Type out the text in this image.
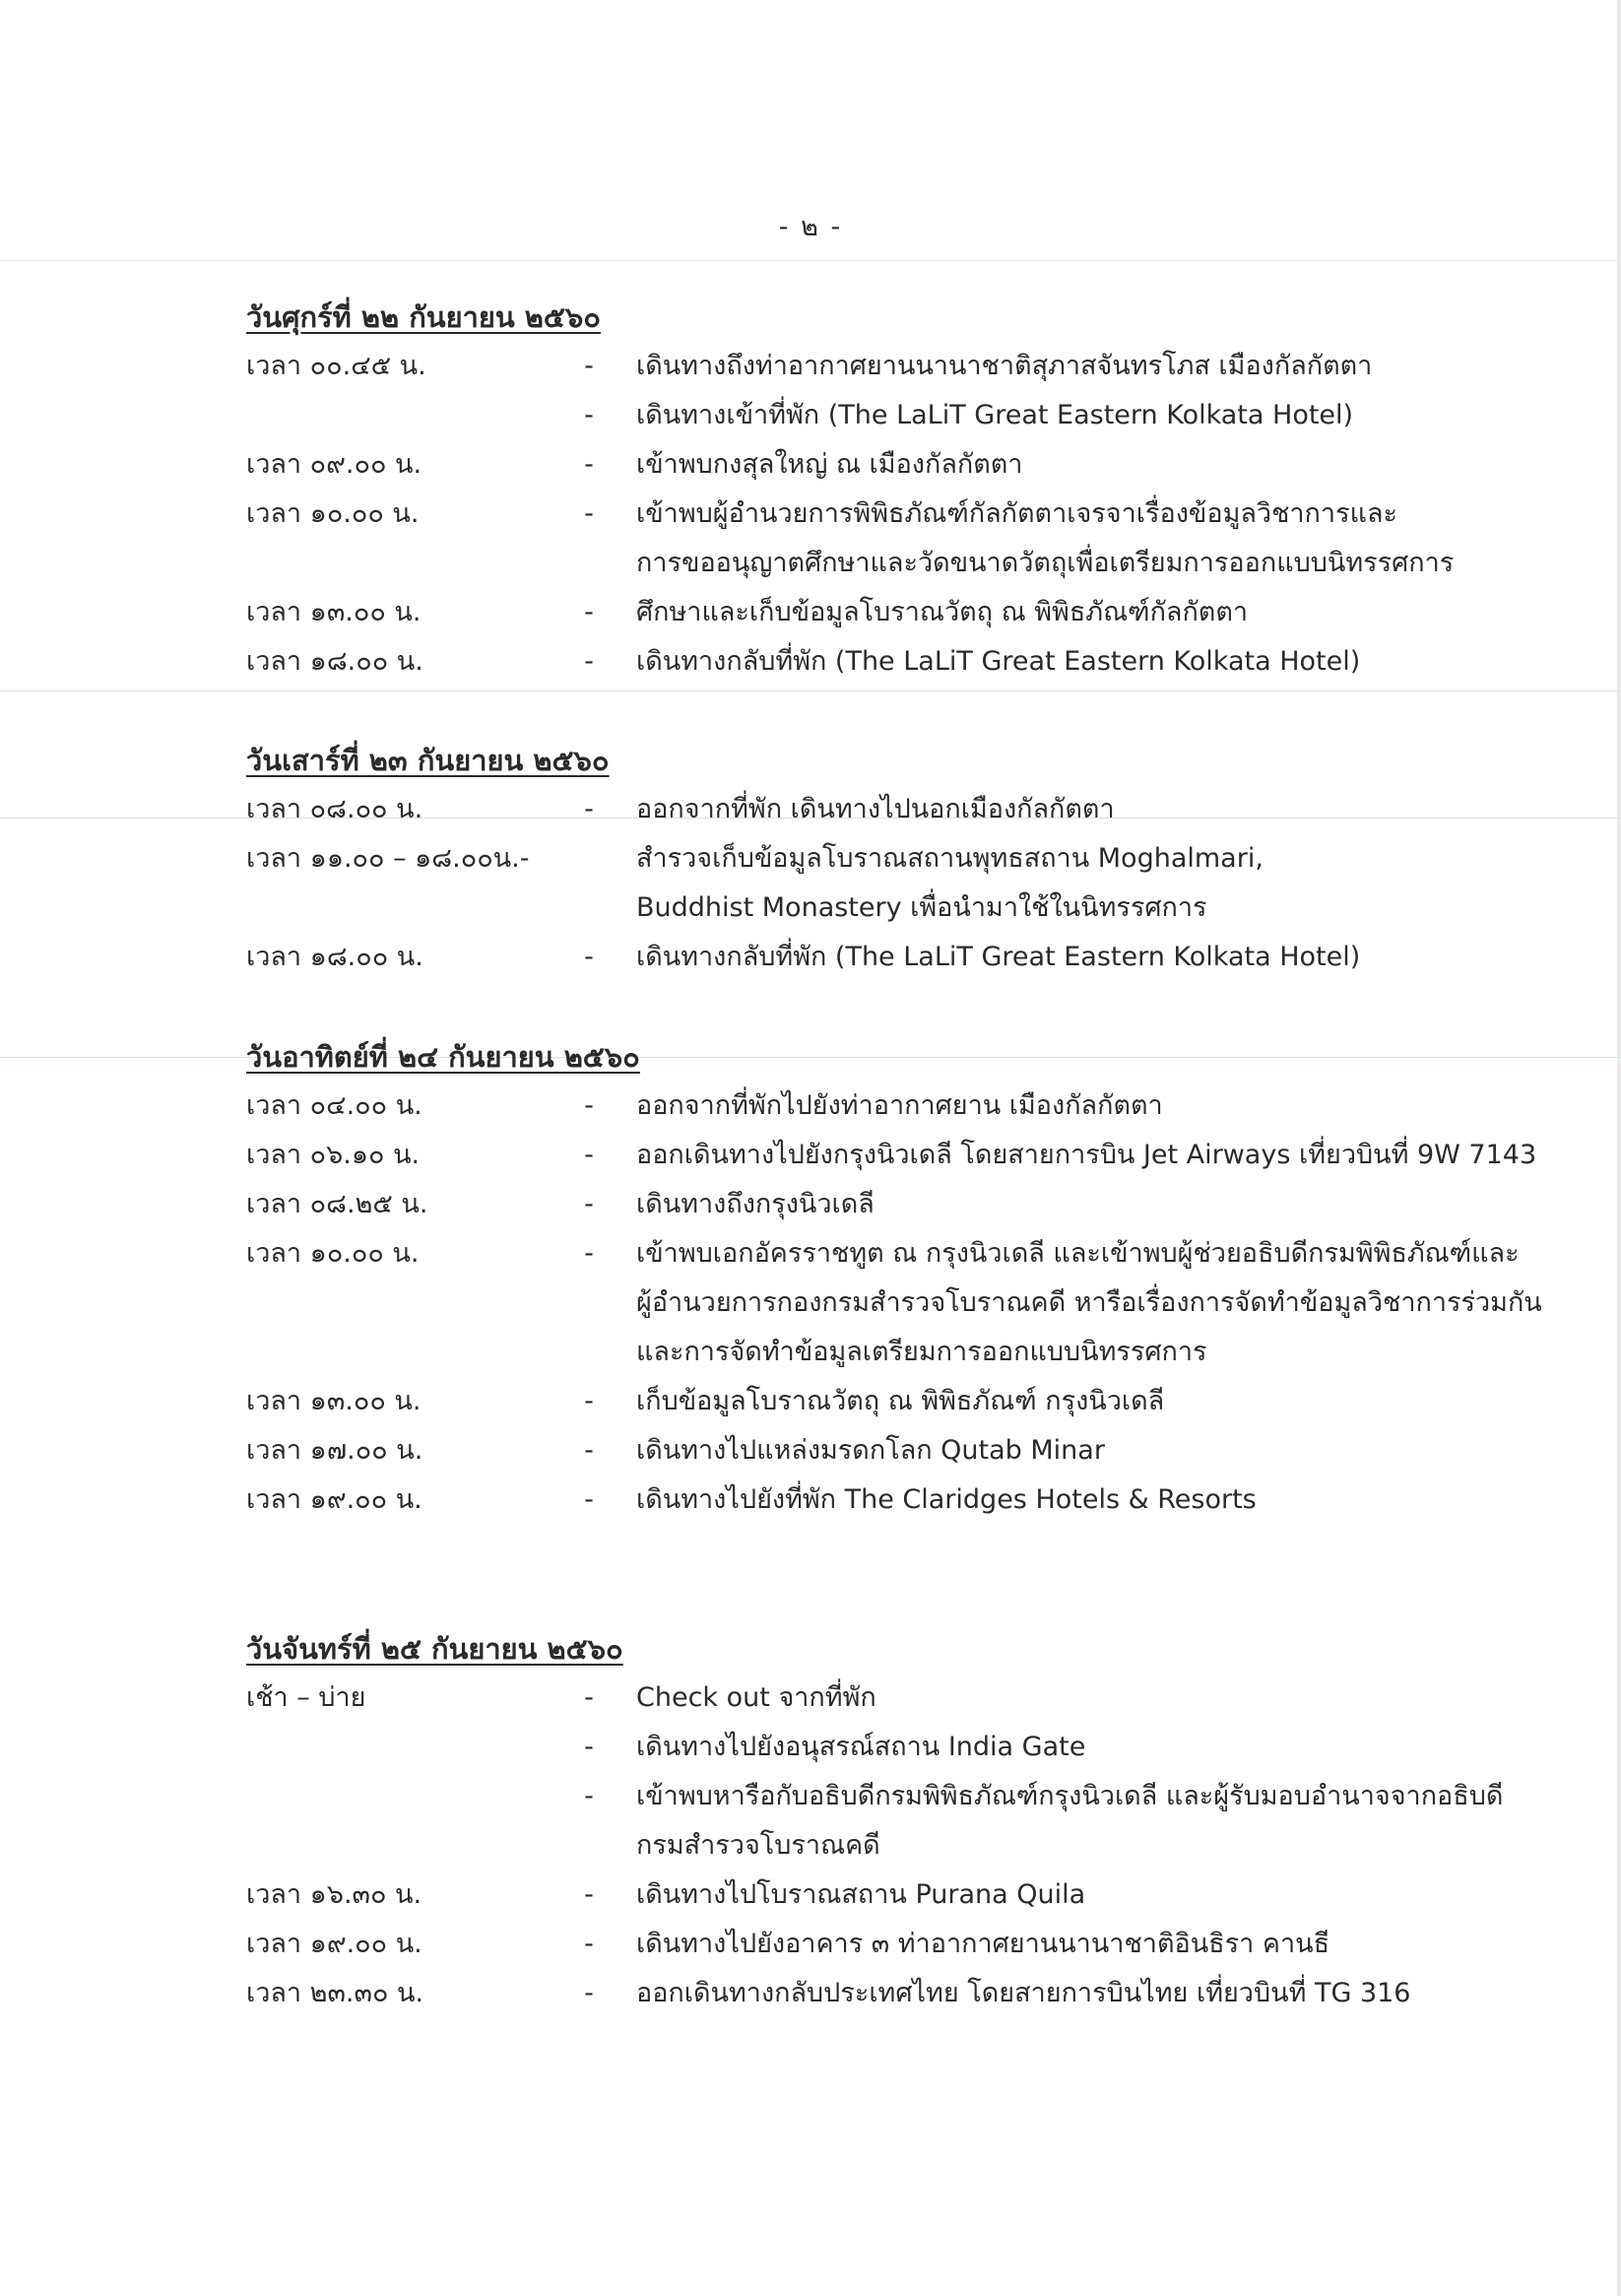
- ๒ -
วันศุกร์ที่ ๒๒ กันยายน ๒๕๖๐
เวลา ๐๐.๔๕ น.	-	เดินทางถึงท่าอากาศยานนานาชาติสุภาสจันทรโภส เมืองกัลกัตตา
-	เดินทางเข้าที่พัก (The LaLiT Great Eastern Kolkata Hotel)
เวลา ๐๙.๐๐ น.	-	เข้าพบกงสุลใหญ่ ณ เมืองกัลกัตตา
เวลา ๑๐.๐๐ น.	-	เข้าพบผู้อำนวยการพิพิธภัณฑ์กัลกัตตาเจรจาเรื่องข้อมูลวิชาการและ
การขออนุญาตศึกษาและวัดขนาดวัตถุเพื่อเตรียมการออกแบบนิทรรศการ
เวลา ๑๓.๐๐ น.	-	ศึกษาและเก็บข้อมูลโบราณวัตถุ ณ พิพิธภัณฑ์กัลกัตตา
เวลา ๑๘.๐๐ น.	-	เดินทางกลับที่พัก (The LaLiT Great Eastern Kolkata Hotel)
วันเสาร์ที่ ๒๓ กันยายน ๒๕๖๐
เวลา ๐๘.๐๐ น.	-	ออกจากที่พัก เดินทางไปนอกเมืองกัลกัตตา
เวลา ๑๑.๐๐ – ๑๘.๐๐น.-	สำรวจเก็บข้อมูลโบราณสถานพุทธสถาน Moghalmari,
Buddhist Monastery เพื่อนำมาใช้ในนิทรรศการ
เวลา ๑๘.๐๐ น.	-	เดินทางกลับที่พัก (The LaLiT Great Eastern Kolkata Hotel)
วันอาทิตย์ที่ ๒๔ กันยายน ๒๕๖๐
เวลา ๐๔.๐๐ น.	-	ออกจากที่พักไปยังท่าอากาศยาน เมืองกัลกัตตา
เวลา ๐๖.๑๐ น.	-	ออกเดินทางไปยังกรุงนิวเดลี โดยสายการบิน Jet Airways เที่ยวบินที่ 9W 7143
เวลา ๐๘.๒๕ น.	-	เดินทางถึงกรุงนิวเดลี
เวลา ๑๐.๐๐ น.	-	เข้าพบเอกอัครราชทูต ณ กรุงนิวเดลี และเข้าพบผู้ช่วยอธิบดีกรมพิพิธภัณฑ์และ
ผู้อำนวยการกองกรมสำรวจโบราณคดี หารือเรื่องการจัดทำข้อมูลวิชาการร่วมกัน
และการจัดทำข้อมูลเตรียมการออกแบบนิทรรศการ
เวลา ๑๓.๐๐ น.	-	เก็บข้อมูลโบราณวัตถุ ณ พิพิธภัณฑ์ กรุงนิวเดลี
เวลา ๑๗.๐๐ น.	-	เดินทางไปแหล่งมรดกโลก Qutab Minar
เวลา ๑๙.๐๐ น.	-	เดินทางไปยังที่พัก The Claridges Hotels & Resorts
วันจันทร์ที่ ๒๕ กันยายน ๒๕๖๐
เช้า – บ่าย	-	Check out จากที่พัก
-	เดินทางไปยังอนุสรณ์สถาน India Gate
-	เข้าพบหารือกับอธิบดีกรมพิพิธภัณฑ์กรุงนิวเดลี และผู้รับมอบอำนาจจากอธิบดี
กรมสำรวจโบราณคดี
เวลา ๑๖.๓๐ น.	-	เดินทางไปโบราณสถาน Purana Quila
เวลา ๑๙.๐๐ น.	-	เดินทางไปยังอาคาร ๓ ท่าอากาศยานนานาชาติอินธิรา คานธี
เวลา ๒๓.๓๐ น.	-	ออกเดินทางกลับประเทศไทย โดยสายการบินไทย เที่ยวบินที่ TG 316
